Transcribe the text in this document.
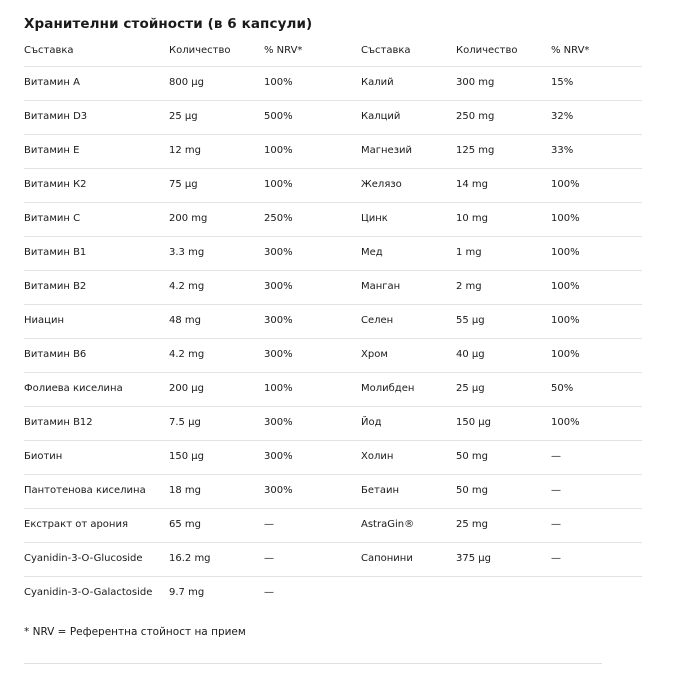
Хранителни стойности (в 6 капсули)
Съставка	Количество	% NRV*	Съставка	Количество	% NRV*
Витамин А	800 µg	100%	Калий	300 mg	15%
Витамин D3	25 µg	500%	Калций	250 mg	32%
Витамин Е	12 mg	100%	Магнезий	125 mg	33%
Витамин К2	75 µg	100%	Желязо	14 mg	100%
Витамин С	200 mg	250%	Цинк	10 mg	100%
Витамин В1	3.3 mg	300%	Мед	1 mg	100%
Витамин В2	4.2 mg	300%	Манган	2 mg	100%
Ниацин	48 mg	300%	Селен	55 µg	100%
Витамин В6	4.2 mg	300%	Хром	40 µg	100%
Фолиева киселина	200 µg	100%	Молибден	25 µg	50%
Витамин В12	7.5 µg	300%	Йод	150 µg	100%
Биотин	150 µg	300%	Холин	50 mg	—
Пантотенова киселина 18 mg	300%	Бетаин	50 mg	—
Екстракт от арония	65 mg	—	AstraGin®	25 mg	—
Cyanidin-3-O-Glucoside	16.2 mg	—	Сапонини	375 µg	—
Cyanidin-3-O-Galactoside 9.7 mg	—
* NRV = Референтна стойност на прием
